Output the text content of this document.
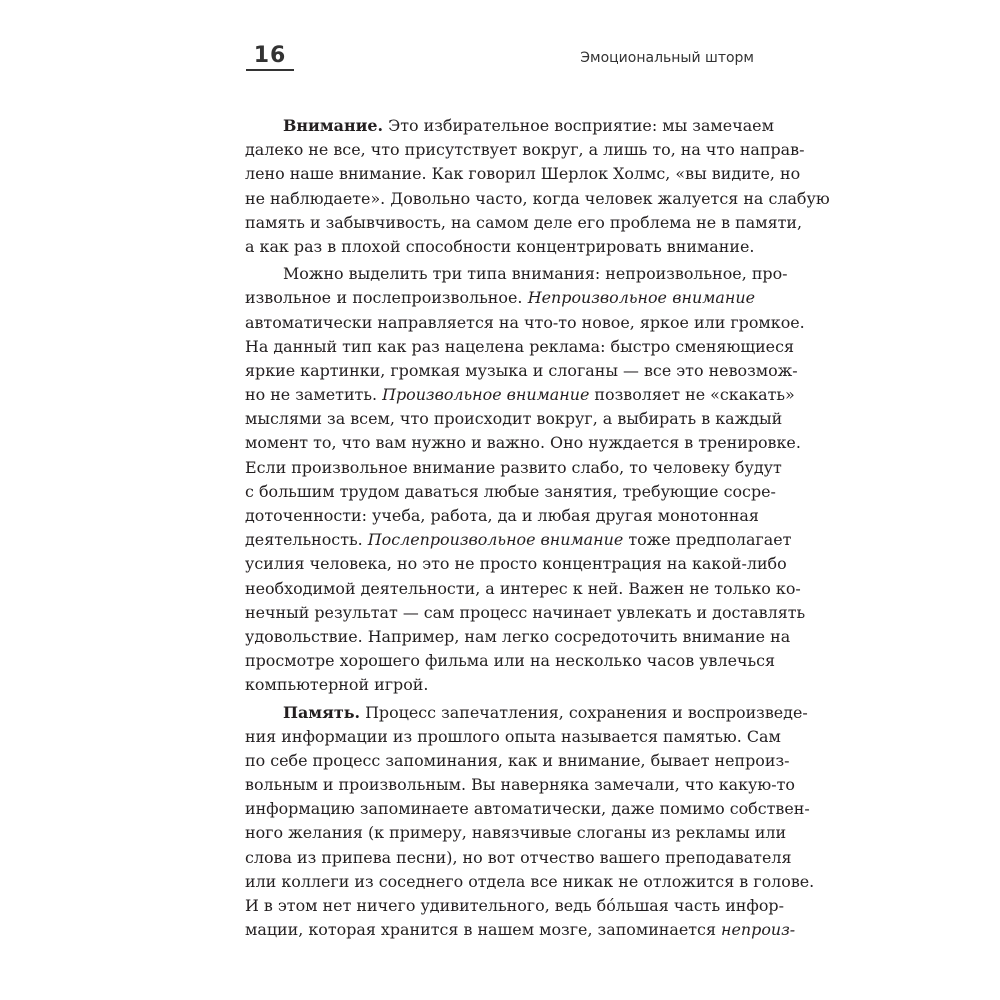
16	Эмоциональный шторм
Внимание. Это избирательное восприятие: мы замечаем
далеко не все, что присутствует вокруг, а лишь то, на что направ-
лено наше внимание. Как говорил Шерлок Холмс, «вы видите, но
не наблюдаете». Довольно часто, когда человек жалуется на слабую
память и забывчивость, на самом деле его проблема не в памяти,
а как раз в плохой способности концентрировать внимание.
Можно выделить три типа внимания: непроизвольное, про-
извольное и послепроизвольное. Непроизвольное внимание
автоматически направляется на что-то новое, яркое или громкое.
На данный тип как раз нацелена реклама: быстро сменяющиеся
яркие картинки, громкая музыка и слоганы — все это невозмож-
но не заметить. Произвольное внимание позволяет не «скакать»
мыслями за всем, что происходит вокруг, а выбирать в каждый
момент то, что вам нужно и важно. Оно нуждается в тренировке.
Если произвольное внимание развито слабо, то человеку будут
с большим трудом даваться любые занятия, требующие сосре-
доточенности: учеба, работа, да и любая другая монотонная
деятельность. Послепроизвольное внимание тоже предполагает
усилия человека, но это не просто концентрация на какой-либо
необходимой деятельности, а интерес к ней. Важен не только ко-
нечный результат — сам процесс начинает увлекать и доставлять
удовольствие. Например, нам легко сосредоточить внимание на
просмотре хорошего фильма или на несколько часов увлечься
компьютерной игрой.
Память. Процесс запечатления, сохранения и воспроизведе-
ния информации из прошлого опыта называется памятью. Сам
по себе процесс запоминания, как и внимание, бывает непроиз-
вольным и произвольным. Вы наверняка замечали, что какую-то
информацию запоминаете автоматически, даже помимо собствен-
ного желания (к примеру, навязчивые слоганы из рекламы или
слова из припева песни), но вот отчество вашего преподавателя
или коллеги из соседнего отдела все никак не отложится в голове.
И в этом нет ничего удивительного, ведь бóльшая часть инфор-
мации, которая хранится в нашем мозге, запоминается непроиз-
